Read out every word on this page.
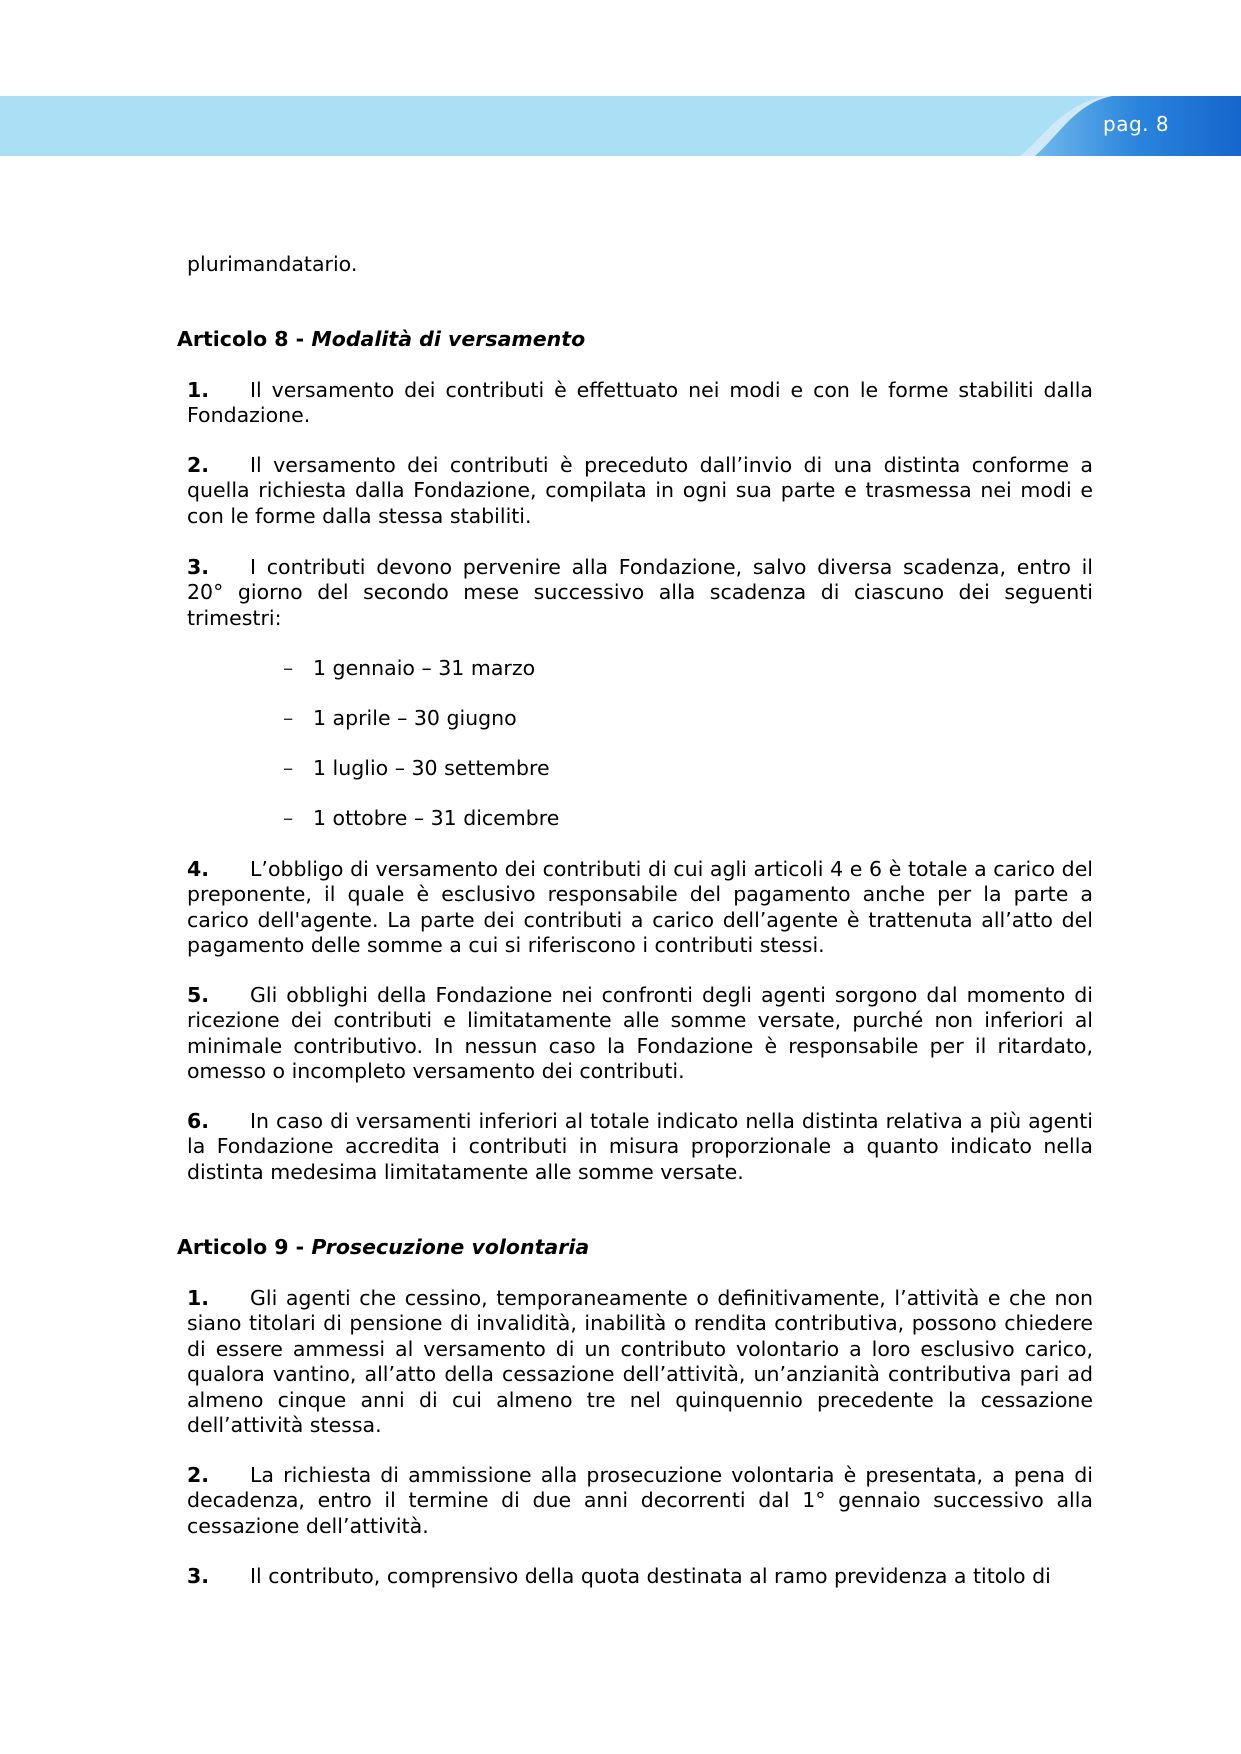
pag. 8
plurimandatario.
Articolo 8 - Modalità di versamento
1. Il versamento dei contributi è effettuato nei modi e con le forme stabiliti dalla Fondazione.
2. Il versamento dei contributi è preceduto dall’invio di una distinta conforme a quella richiesta dalla Fondazione, compilata in ogni sua parte e trasmessa nei modi e con le forme dalla stessa stabiliti.
3. I contributi devono pervenire alla Fondazione, salvo diversa scadenza, entro il 20° giorno del secondo mese successivo alla scadenza di ciascuno dei seguenti trimestri:
– 1 gennaio – 31 marzo
– 1 aprile – 30 giugno
– 1 luglio – 30 settembre
– 1 ottobre – 31 dicembre
4. L’obbligo di versamento dei contributi di cui agli articoli 4 e 6 è totale a carico del preponente, il quale è esclusivo responsabile del pagamento anche per la parte a carico dell'agente. La parte dei contributi a carico dell’agente è trattenuta all’atto del pagamento delle somme a cui si riferiscono i contributi stessi.
5. Gli obblighi della Fondazione nei confronti degli agenti sorgono dal momento di ricezione dei contributi e limitatamente alle somme versate, purché non inferiori al minimale contributivo. In nessun caso la Fondazione è responsabile per il ritardato, omesso o incompleto versamento dei contributi.
6. In caso di versamenti inferiori al totale indicato nella distinta relativa a più agenti la Fondazione accredita i contributi in misura proporzionale a quanto indicato nella distinta medesima limitatamente alle somme versate.
Articolo 9 - Prosecuzione volontaria
1. Gli agenti che cessino, temporaneamente o definitivamente, l’attività e che non siano titolari di pensione di invalidità, inabilità o rendita contributiva, possono chiedere di essere ammessi al versamento di un contributo volontario a loro esclusivo carico, qualora vantino, all’atto della cessazione dell’attività, un’anzianità contributiva pari ad almeno cinque anni di cui almeno tre nel quinquennio precedente la cessazione dell’attività stessa.
2. La richiesta di ammissione alla prosecuzione volontaria è presentata, a pena di decadenza, entro il termine di due anni decorrenti dal 1° gennaio successivo alla cessazione dell’attività.
3. Il contributo, comprensivo della quota destinata al ramo previdenza a titolo di
